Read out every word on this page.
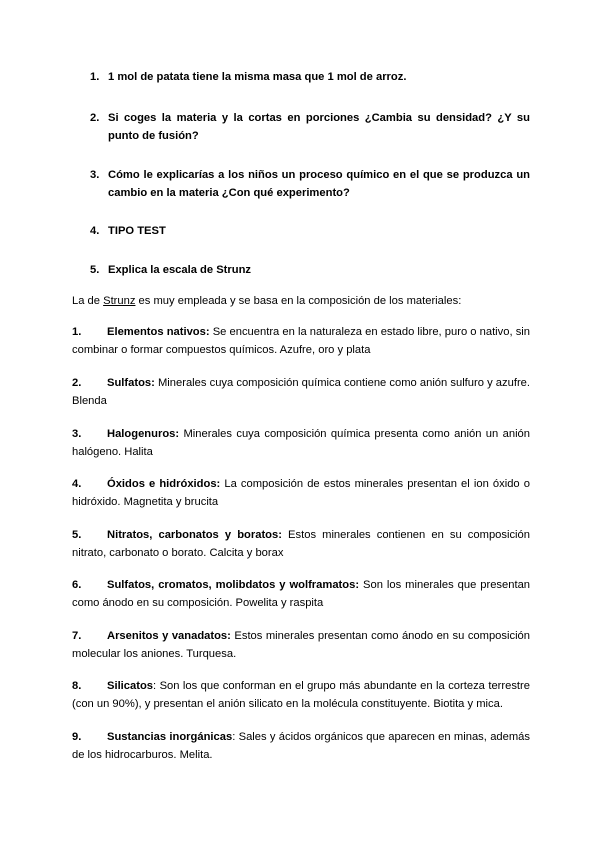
1. 1 mol de patata tiene la misma masa que 1 mol de arroz.
2. Si coges la materia y la cortas en porciones ¿Cambia su densidad? ¿Y su punto de fusión?
3. Cómo le explicarías a los niños un proceso químico en el que se produzca un cambio en la materia ¿Con qué experimento?
4. TIPO TEST
5. Explica la escala de Strunz
La de Strunz es muy empleada y se basa en la composición de los materiales:
1.	Elementos nativos: Se encuentra en la naturaleza en estado libre, puro o nativo, sin combinar o formar compuestos químicos. Azufre, oro y plata
2.	Sulfatos: Minerales cuya composición química contiene como anión sulfuro y azufre. Blenda
3.	Halogenuros: Minerales cuya composición química presenta como anión un anión halógeno. Halita
4.	Óxidos e hidróxidos: La composición de estos minerales presentan el ion óxido o hidróxido. Magnetita y brucita
5.	Nitratos, carbonatos y boratos: Estos minerales contienen en su composición nitrato, carbonato o borato. Calcita y borax
6.	Sulfatos, cromatos, molibdatos y wolframatos: Son los minerales que presentan como ánodo en su composición. Powelita y raspita
7.	Arsenitos y vanadatos: Estos minerales presentan como ánodo en su composición molecular los aniones. Turquesa.
8.	Silicatos: Son los que conforman en el grupo más abundante en la corteza terrestre (con un 90%), y presentan el anión silicato en la molécula constituyente. Biotita y mica.
9.	Sustancias inorgánicas: Sales y ácidos orgánicos que aparecen en minas, además de los hidrocarburos. Melita.
